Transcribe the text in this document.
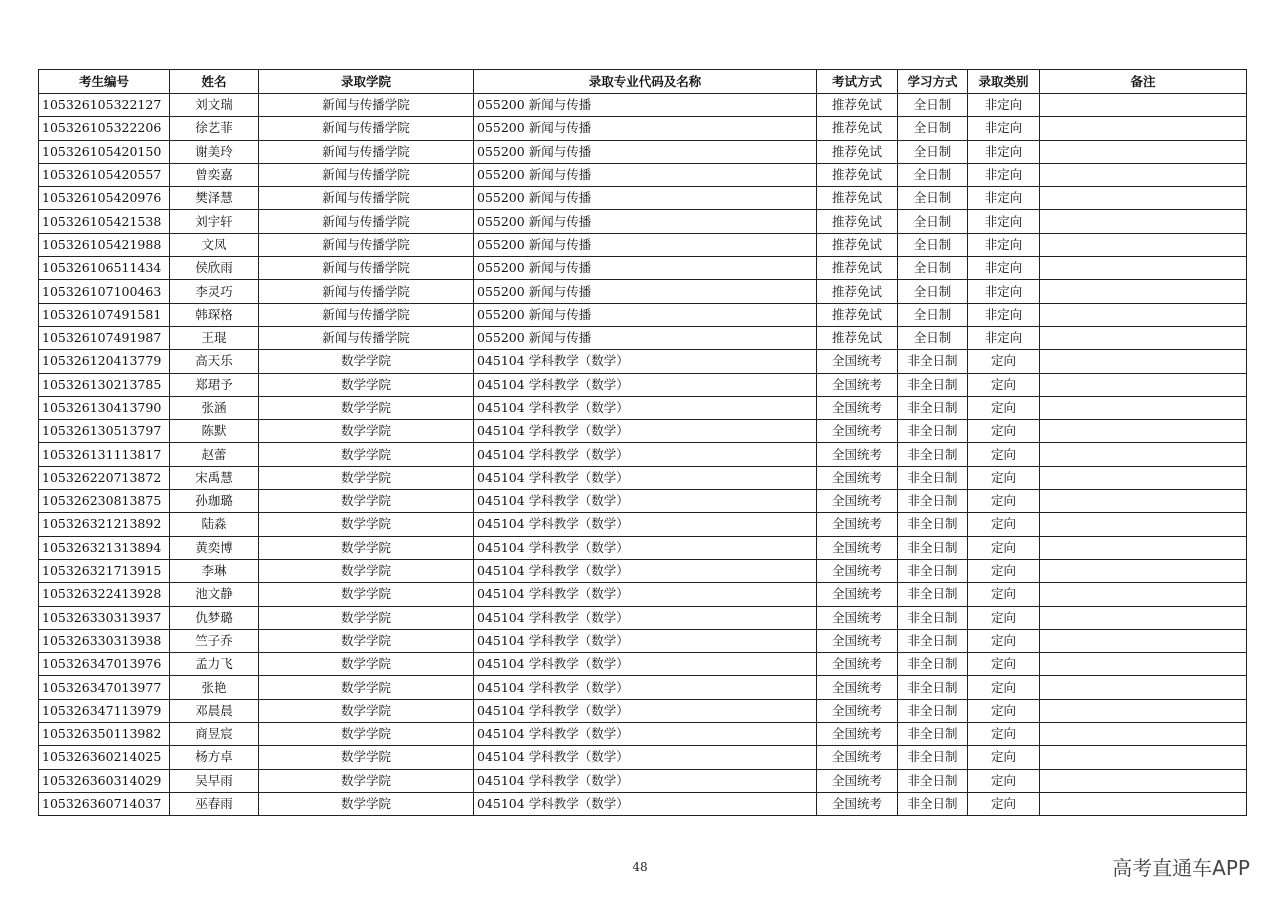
考生编号	姓名	录取学院	录取专业代码及名称	考试方式	学习方式	录取类别	备注
105326105322127	刘文瑞	新闻与传播学院	055200 新闻与传播	推荐免试	全日制	非定向	
105326105322206	徐艺菲	新闻与传播学院	055200 新闻与传播	推荐免试	全日制	非定向	
105326105420150	谢美玲	新闻与传播学院	055200 新闻与传播	推荐免试	全日制	非定向	
105326105420557	曾奕嘉	新闻与传播学院	055200 新闻与传播	推荐免试	全日制	非定向	
105326105420976	樊泽慧	新闻与传播学院	055200 新闻与传播	推荐免试	全日制	非定向	
105326105421538	刘宇轩	新闻与传播学院	055200 新闻与传播	推荐免试	全日制	非定向	
105326105421988	文凤	新闻与传播学院	055200 新闻与传播	推荐免试	全日制	非定向	
105326106511434	侯欣雨	新闻与传播学院	055200 新闻与传播	推荐免试	全日制	非定向	
105326107100463	李灵巧	新闻与传播学院	055200 新闻与传播	推荐免试	全日制	非定向	
105326107491581	韩琛格	新闻与传播学院	055200 新闻与传播	推荐免试	全日制	非定向	
105326107491987	王琨	新闻与传播学院	055200 新闻与传播	推荐免试	全日制	非定向	
105326120413779	高天乐	数学学院	045104 学科教学（数学）	全国统考	非全日制	定向	
105326130213785	郑珺予	数学学院	045104 学科教学（数学）	全国统考	非全日制	定向	
105326130413790	张涵	数学学院	045104 学科教学（数学）	全国统考	非全日制	定向	
105326130513797	陈默	数学学院	045104 学科教学（数学）	全国统考	非全日制	定向	
105326131113817	赵蕾	数学学院	045104 学科教学（数学）	全国统考	非全日制	定向	
105326220713872	宋禹慧	数学学院	045104 学科教学（数学）	全国统考	非全日制	定向	
105326230813875	孙珈璐	数学学院	045104 学科教学（数学）	全国统考	非全日制	定向	
105326321213892	陆淼	数学学院	045104 学科教学（数学）	全国统考	非全日制	定向	
105326321313894	黄奕博	数学学院	045104 学科教学（数学）	全国统考	非全日制	定向	
105326321713915	李琳	数学学院	045104 学科教学（数学）	全国统考	非全日制	定向	
105326322413928	池文静	数学学院	045104 学科教学（数学）	全国统考	非全日制	定向	
105326330313937	仇梦璐	数学学院	045104 学科教学（数学）	全国统考	非全日制	定向	
105326330313938	竺子乔	数学学院	045104 学科教学（数学）	全国统考	非全日制	定向	
105326347013976	孟力飞	数学学院	045104 学科教学（数学）	全国统考	非全日制	定向	
105326347013977	张艳	数学学院	045104 学科教学（数学）	全国统考	非全日制	定向	
105326347113979	邓晨晨	数学学院	045104 学科教学（数学）	全国统考	非全日制	定向	
105326350113982	商昱宸	数学学院	045104 学科教学（数学）	全国统考	非全日制	定向	
105326360214025	杨方卓	数学学院	045104 学科教学（数学）	全国统考	非全日制	定向	
105326360314029	吴早雨	数学学院	045104 学科教学（数学）	全国统考	非全日制	定向	
105326360714037	巫春雨	数学学院	045104 学科教学（数学）	全国统考	非全日制	定向	
48	高考直通车APP
